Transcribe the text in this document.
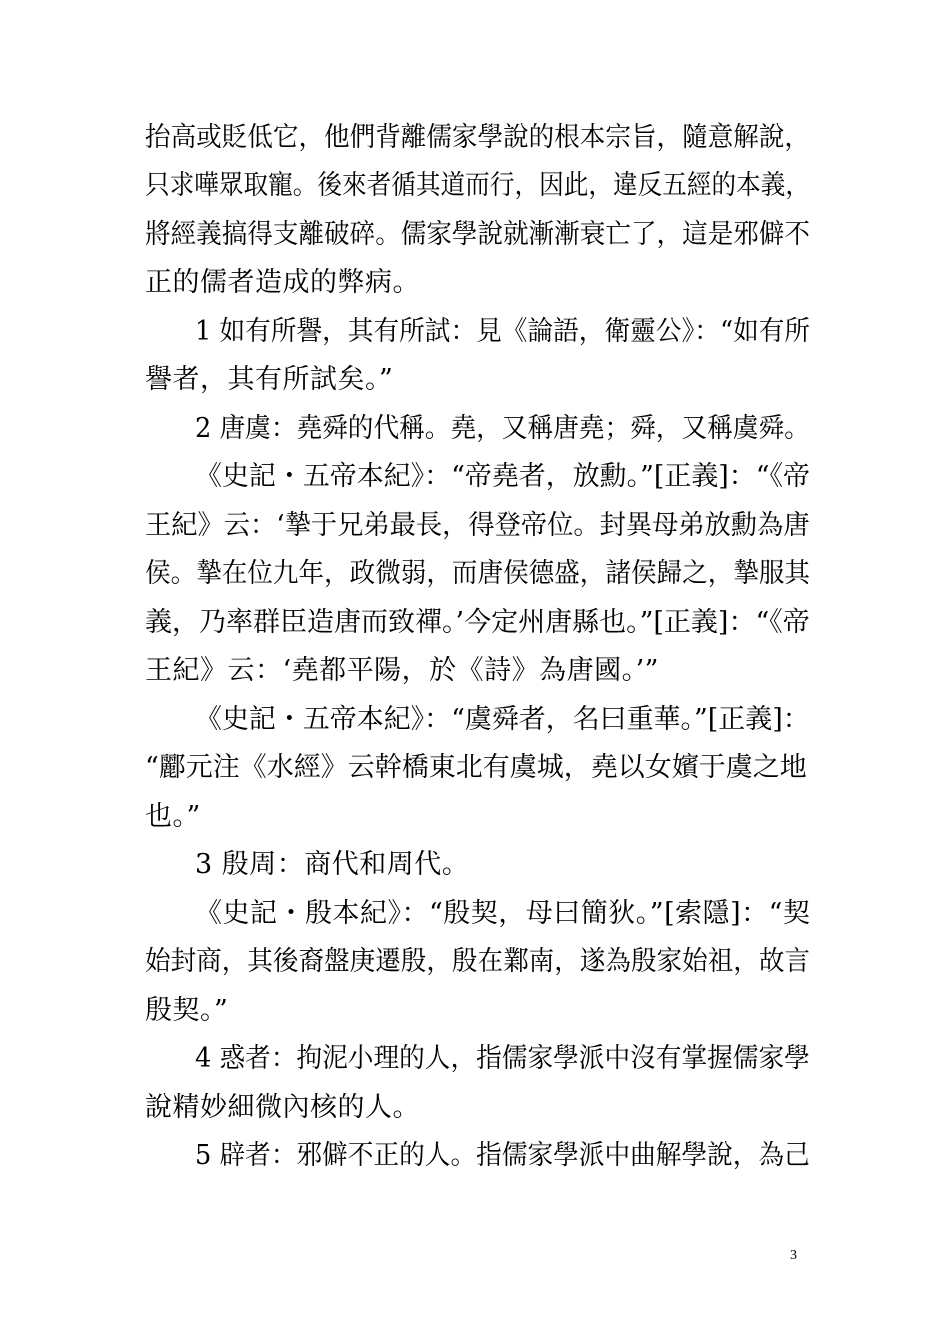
抬高或貶低它，他們背離儒家學說的根本宗旨，隨意解說，
只求嘩眾取寵。後來者循其道而行，因此，違反五經的本義，
將經義搞得支離破碎。儒家學說就漸漸衰亡了，這是邪僻不
正的儒者造成的弊病。
1 如有所譽，其有所試：見《論語，衛靈公》：“如有所
譽者，其有所試矣。”
2 唐虞：堯舜的代稱。堯，又稱唐堯；舜，又稱虞舜。
《史記・五帝本紀》：“帝堯者，放勳。”[正義]：“《帝
王紀》云：‘摯于兄弟最長，得登帝位。封異母弟放勳為唐
侯。摯在位九年，政微弱，而唐侯德盛，諸侯歸之，摯服其
義，乃率群臣造唐而致禪。’今定州唐縣也。”[正義]：“《帝
王紀》云：‘堯都平陽，於《詩》為唐國。’”
《史記・五帝本紀》：“虞舜者，名曰重華。”[正義]：
“酈元注《水經》云幹橋東北有虞城，堯以女嬪于虞之地
也。”
3 殷周：商代和周代。
《史記・殷本紀》：“殷契，母曰簡狄。”[索隱]：“契
始封商，其後裔盤庚遷殷，殷在鄴南，遂為殷家始祖，故言
殷契。”
4 惑者：拘泥小理的人，指儒家學派中沒有掌握儒家學
說精妙細微內核的人。
5 辟者：邪僻不正的人。指儒家學派中曲解學說，為己
3
